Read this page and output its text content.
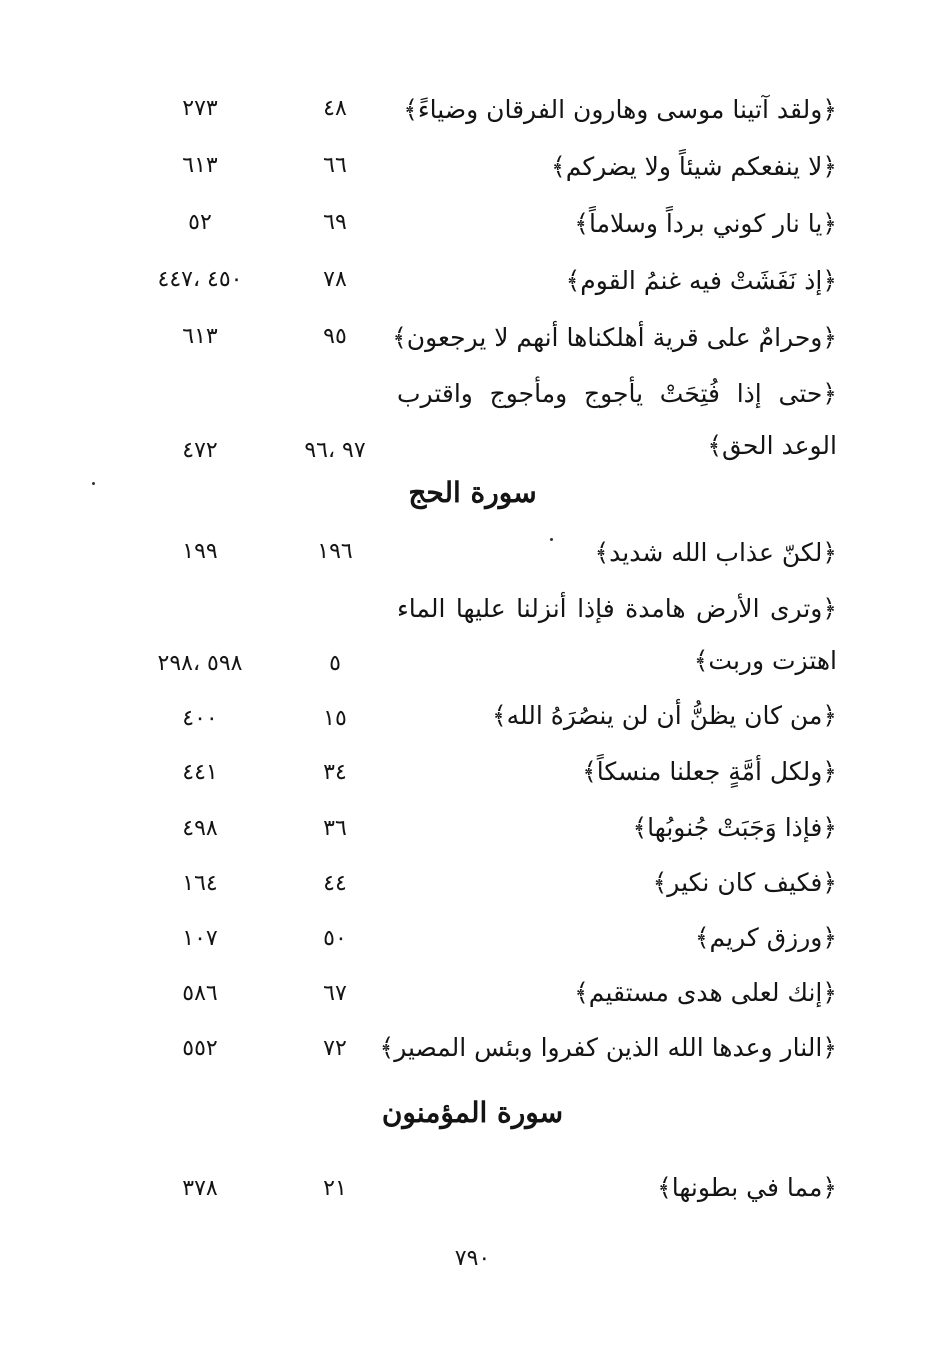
﴿ولقد آتينا موسى وهارون الفرقان وضياءً﴾
٤٨
٢٧٣
﴿لا ينفعكم شيئاً ولا يضركم﴾
٦٦
٦١٣
﴿يا نار كوني برداً وسلاماً﴾
٦٩
٥٢
﴿إذ نَفَشَتْ فيه غنمُ القوم﴾
٧٨
٤٥٠ ،٤٤٧
﴿وحرامٌ على قرية أهلكناها أنهم لا يرجعون﴾
٩٥
٦١٣
﴿حتى إذا فُتِحَتْ يأجوج ومأجوج واقترب الوعد الحق﴾
٩٧ ،٩٦
٤٧٢
سورة الحج
﴿لكنّ عذاب الله شديد﴾
١٩٦
١٩٩
﴿وترى الأرض هامدة فإذا أنزلنا عليها الماء اهتزت وربت﴾
٥
٥٩٨ ،٢٩٨
﴿من كان يظنُّ أن لن ينصُرَهُ الله﴾
١٥
٤٠٠
﴿ولكل أمَّةٍ جعلنا منسكاً﴾
٣٤
٤٤١
﴿فإذا وَجَبَتْ جُنوبُها﴾
٣٦
٤٩٨
﴿فكيف كان نكير﴾
٤٤
١٦٤
﴿ورزق كريم﴾
٥٠
١٠٧
﴿إنك لعلى هدى مستقيم﴾
٦٧
٥٨٦
﴿النار وعدها الله الذين كفروا وبئس المصير﴾
٧٢
٥٥٢
سورة المؤمنون
﴿مما في بطونها﴾
٢١
٣٧٨
٧٩٠
